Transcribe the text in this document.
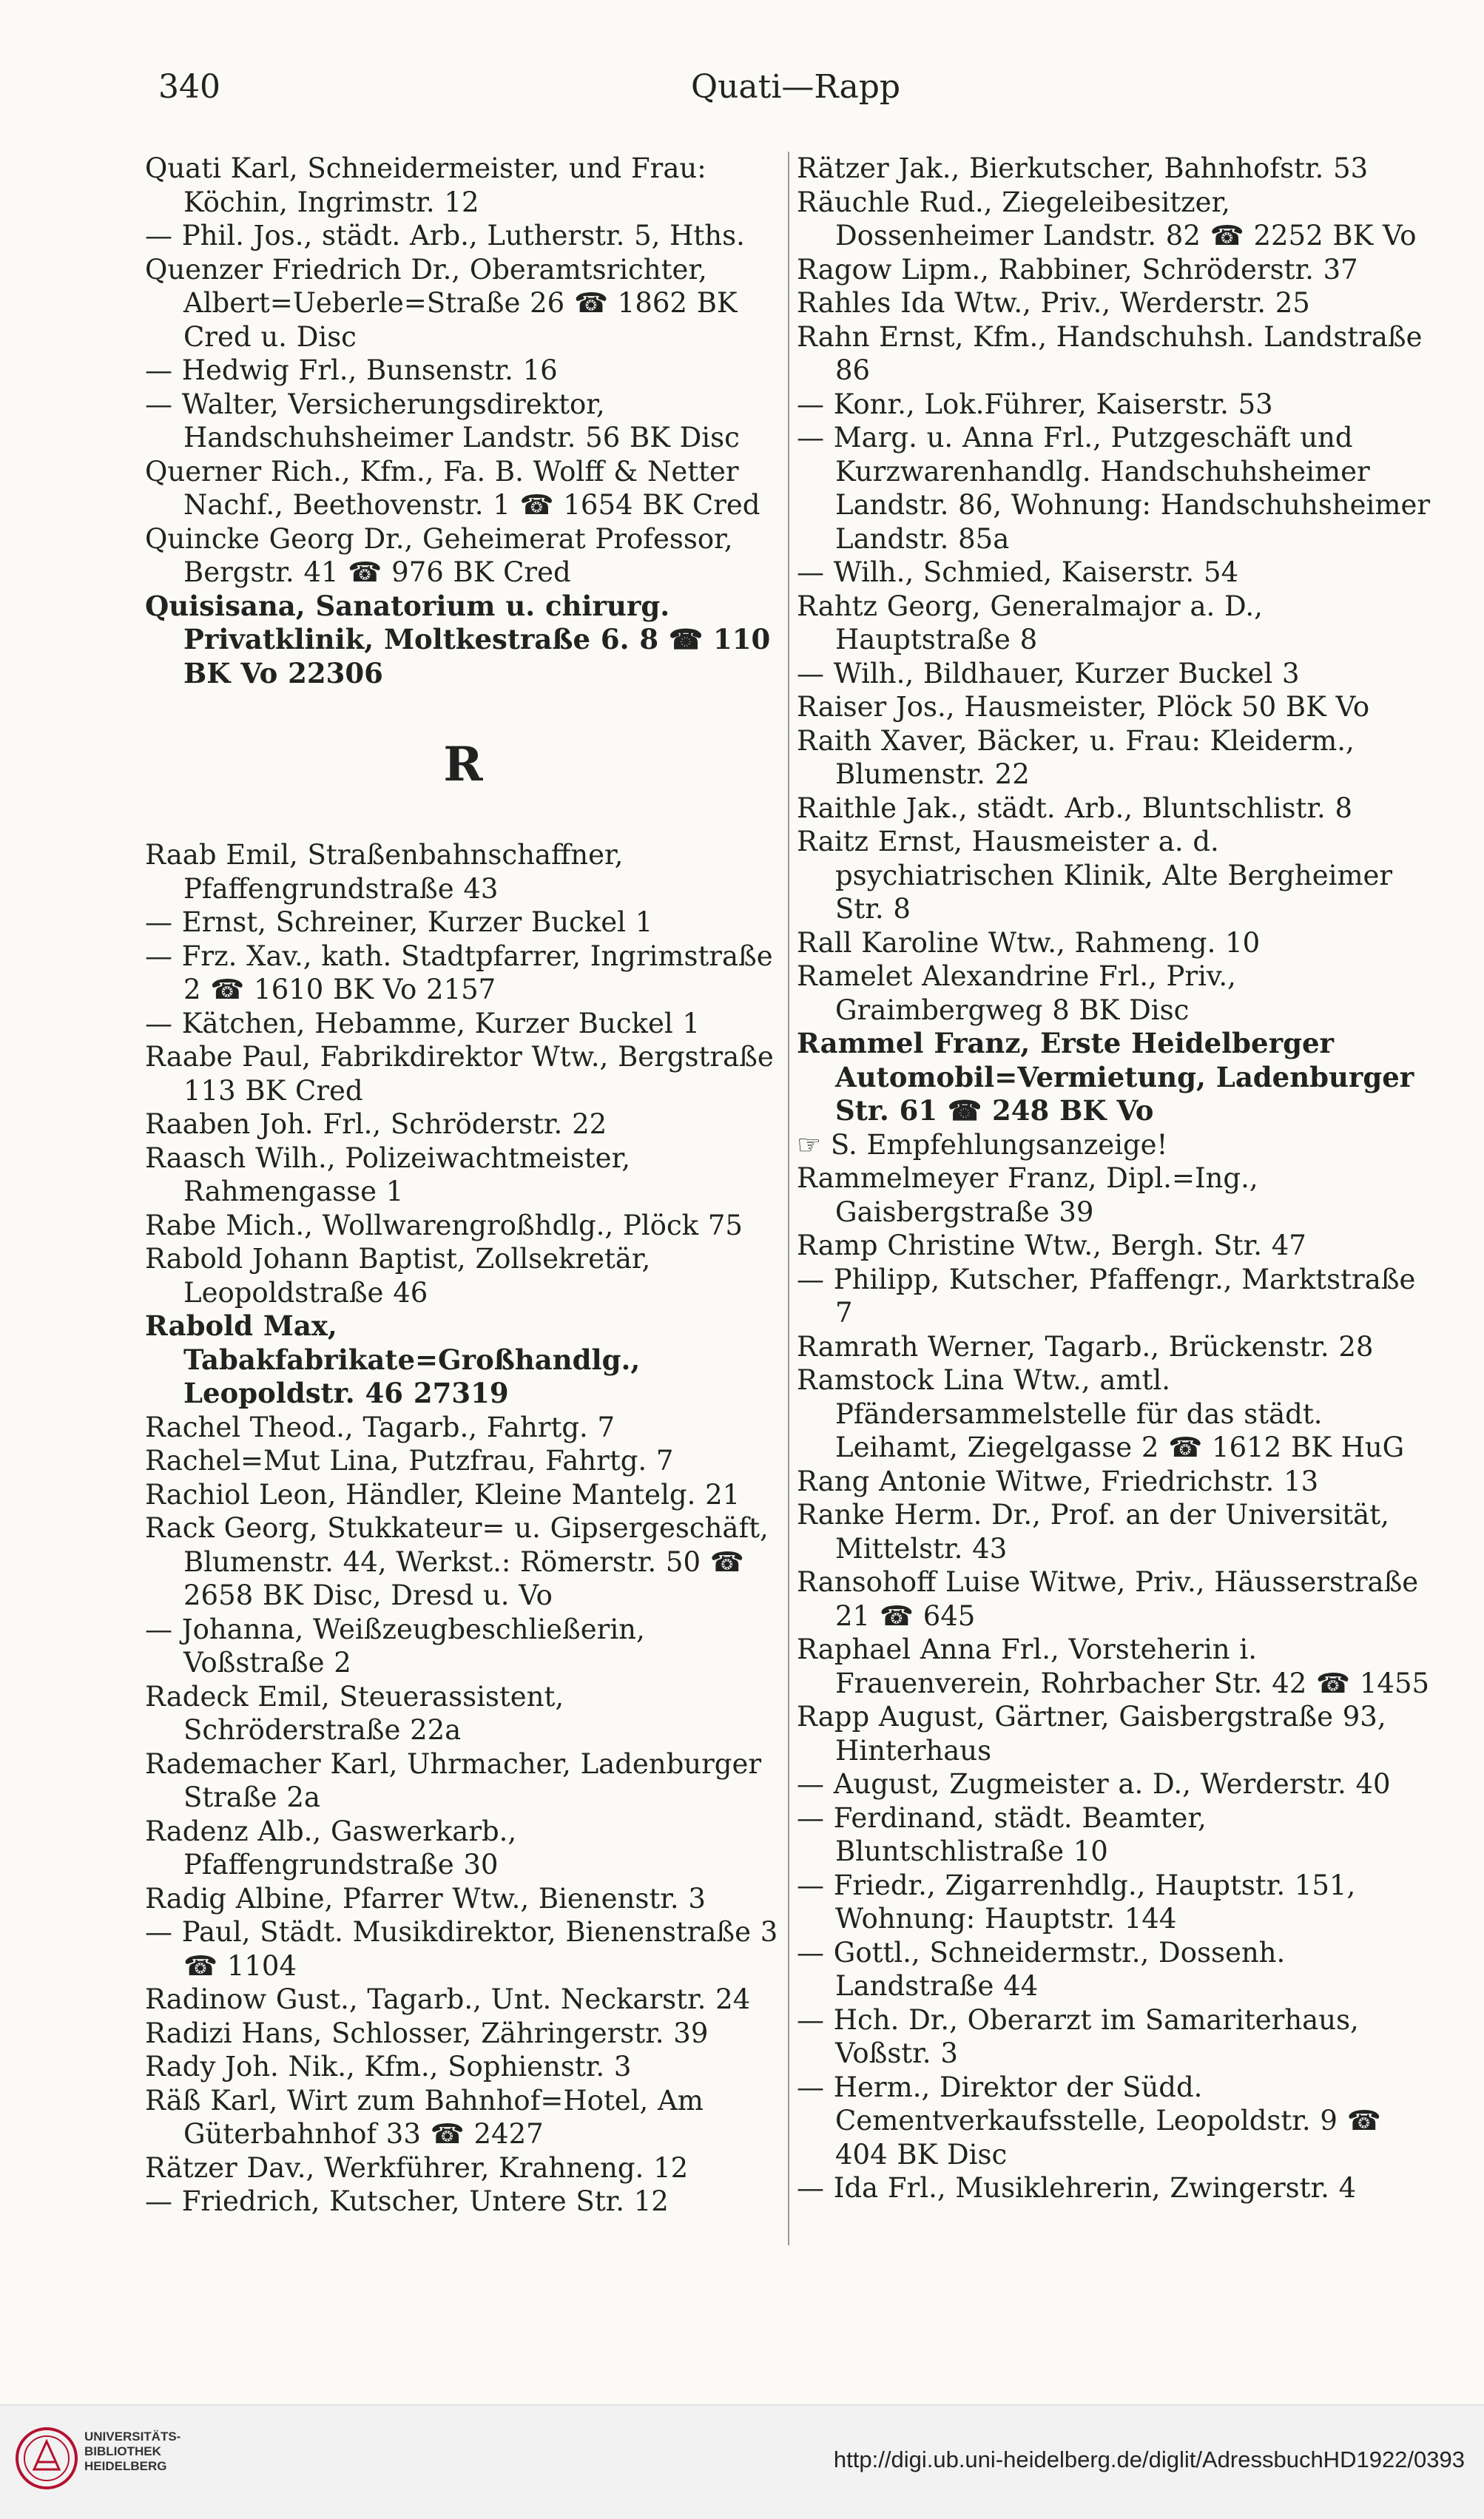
340	Quati—Rapp

Quati Karl, Schneidermeister, und Frau: Köchin, Ingrimstr. 12

— Phil. Jos., städt. Arb., Lutherstr. 5, Hths.

Quenzer Friedrich Dr., Oberamtsrichter, Albert=Ueberle=Straße 26 ☎ 1862 BK Cred u. Disc

— Hedwig Frl., Bunsenstr. 16

— Walter, Versicherungsdirektor, Handschuhsheimer Landstr. 56 BK Disc

Querner Rich., Kfm., Fa. B. Wolff & Netter Nachf., Beethovenstr. 1 ☎ 1654 BK Cred

Quincke Georg Dr., Geheimerat Professor, Bergstr. 41 ☎ 976 BK Cred

Quisisana, Sanatorium u. chirurg. Privatklinik, Moltkestraße 6. 8 ☎ 110 BK Vo 22306

R

Raab Emil, Straßenbahnschaffner, Pfaffengrundstraße 43

— Ernst, Schreiner, Kurzer Buckel 1

— Frz. Xav., kath. Stadtpfarrer, Ingrimstraße 2 ☎ 1610 BK Vo 2157

— Kätchen, Hebamme, Kurzer Buckel 1

Raabe Paul, Fabrikdirektor Wtw., Bergstraße 113 BK Cred

Raaben Joh. Frl., Schröderstr. 22

Raasch Wilh., Polizeiwachtmeister, Rahmengasse 1

Rabe Mich., Wollwarengroßhdlg., Plöck 75

Rabold Johann Baptist, Zollsekretär, Leopoldstraße 46

Rabold Max, Tabakfabrikate=Großhandlg., Leopoldstr. 46 27319

Rachel Theod., Tagarb., Fahrtg. 7

Rachel=Mut Lina, Putzfrau, Fahrtg. 7

Rachiol Leon, Händler, Kleine Mantelg. 21

Rack Georg, Stukkateur= u. Gipsergeschäft, Blumenstr. 44, Werkst.: Römerstr. 50 ☎ 2658 BK Disc, Dresd u. Vo

— Johanna, Weißzeugbeschließerin, Voßstraße 2

Radeck Emil, Steuerassistent, Schröderstraße 22a

Rademacher Karl, Uhrmacher, Ladenburger Straße 2a

Radenz Alb., Gaswerkarb., Pfaffengrundstraße 30

Radig Albine, Pfarrer Wtw., Bienenstr. 3

— Paul, Städt. Musikdirektor, Bienenstraße 3 ☎ 1104

Radinow Gust., Tagarb., Unt. Neckarstr. 24

Radizi Hans, Schlosser, Zähringerstr. 39

Rady Joh. Nik., Kfm., Sophienstr. 3

Räß Karl, Wirt zum Bahnhof=Hotel, Am Güterbahnhof 33 ☎ 2427

Rätzer Dav., Werkführer, Krahneng. 12

— Friedrich, Kutscher, Untere Str. 12

Rätzer Jak., Bierkutscher, Bahnhofstr. 53

Räuchle Rud., Ziegeleibesitzer, Dossenheimer Landstr. 82 ☎ 2252 BK Vo

Ragow Lipm., Rabbiner, Schröderstr. 37

Rahles Ida Wtw., Priv., Werderstr. 25

Rahn Ernst, Kfm., Handschuhsh. Landstraße 86

— Konr., Lok.Führer, Kaiserstr. 53

— Marg. u. Anna Frl., Putzgeschäft und Kurzwarenhandlg. Handschuhsheimer Landstr. 86, Wohnung: Handschuhsheimer Landstr. 85a

— Wilh., Schmied, Kaiserstr. 54

Rahtz Georg, Generalmajor a. D., Hauptstraße 8

— Wilh., Bildhauer, Kurzer Buckel 3

Raiser Jos., Hausmeister, Plöck 50 BK Vo

Raith Xaver, Bäcker, u. Frau: Kleiderm., Blumenstr. 22

Raithle Jak., städt. Arb., Bluntschlistr. 8

Raitz Ernst, Hausmeister a. d. psychiatrischen Klinik, Alte Bergheimer Str. 8

Rall Karoline Wtw., Rahmeng. 10

Ramelet Alexandrine Frl., Priv., Graimbergweg 8 BK Disc

Rammel Franz, Erste Heidelberger Automobil=Vermietung, Ladenburger Str. 61 ☎ 248 BK Vo

☞ S. Empfehlungsanzeige!

Rammelmeyer Franz, Dipl.=Ing., Gaisbergstraße 39

Ramp Christine Wtw., Bergh. Str. 47

— Philipp, Kutscher, Pfaffengr., Marktstraße 7

Ramrath Werner, Tagarb., Brückenstr. 28

Ramstock Lina Wtw., amtl. Pfändersammelstelle für das städt. Leihamt, Ziegelgasse 2 ☎ 1612 BK HuG

Rang Antonie Witwe, Friedrichstr. 13

Ranke Herm. Dr., Prof. an der Universität, Mittelstr. 43

Ransohoff Luise Witwe, Priv., Häusserstraße 21 ☎ 645

Raphael Anna Frl., Vorsteherin i. Frauenverein, Rohrbacher Str. 42 ☎ 1455

Rapp August, Gärtner, Gaisbergstraße 93, Hinterhaus

— August, Zugmeister a. D., Werderstr. 40

— Ferdinand, städt. Beamter, Bluntschlistraße 10

— Friedr., Zigarrenhdlg., Hauptstr. 151, Wohnung: Hauptstr. 144

— Gottl., Schneidermstr., Dossenh. Landstraße 44

— Hch. Dr., Oberarzt im Samariterhaus, Voßstr. 3

— Herm., Direktor der Südd. Cementverkaufsstelle, Leopoldstr. 9 ☎ 404 BK Disc

— Ida Frl., Musiklehrerin, Zwingerstr. 4

UNIVERSITÄTS-
BIBLIOTHEK
HEIDELBERG	http://digi.ub.uni-heidelberg.de/diglit/AdressbuchHD1922/0393
